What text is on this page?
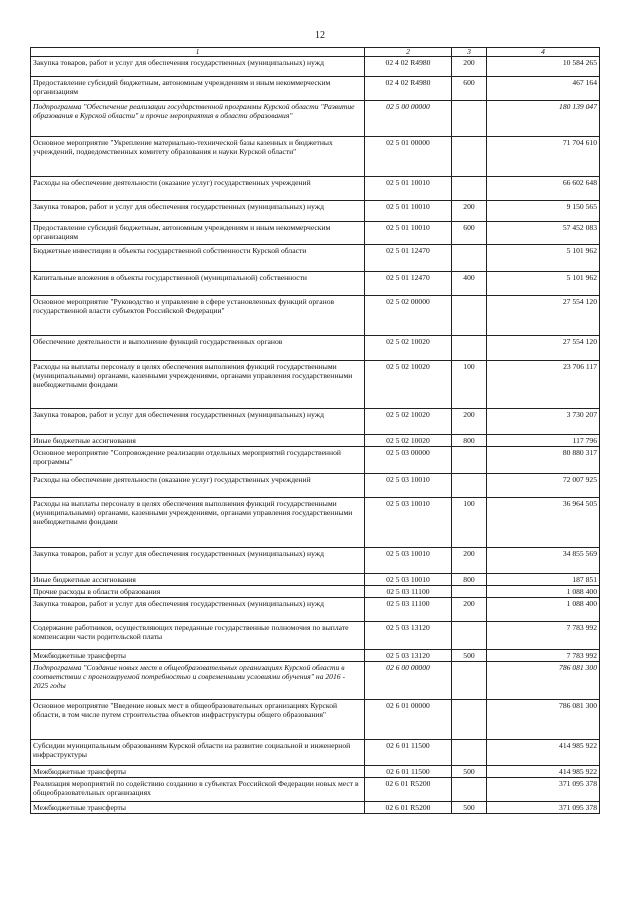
12
1	2	3	4
Закупка товаров, работ и услуг для обеспечения государственных (муниципальных) нужд	02 4 02 R4980	200	10 584 265
Предоставление субсидий бюджетным, автономным учреждениям и иным некоммерческим организациям	02 4 02 R4980	600	467 164
Подпрограмма "Обеспечение реализации государственной программы Курской области "Развитие образования в Курской области" и прочие мероприятия в области образования"	02 5 00 00000		180 139 047
Основное мероприятие "Укрепление материально-технической базы казенных и бюджетных учреждений, подведомственных комитету образования и науки Курской области"	02 5 01 00000		71 704 610
Расходы на обеспечение деятельности (оказание услуг) государственных учреждений	02 5 01 10010		66 602 648
Закупка товаров, работ и услуг для обеспечения государственных (муниципальных) нужд	02 5 01 10010	200	9 150 565
Предоставление субсидий бюджетным, автономным учреждениям и иным некоммерческим организациям	02 5 01 10010	600	57 452 083
Бюджетные инвестиции в объекты государственной собственности Курской области	02 5 01 12470		5 101 962
Капитальные вложения в объекты государственной (муниципальной) собственности	02 5 01 12470	400	5 101 962
Основное мероприятие "Руководство и управление в сфере установленных функций органов государственной власти субъектов Российской Федерации"	02 5 02 00000		27 554 120
Обеспечение деятельности и выполнение функций государственных органов	02 5 02 10020		27 554 120
Расходы на выплаты персоналу в целях обеспечения выполнения функций государственными (муниципальными) органами, казенными учреждениями, органами управления государственными внебюджетными фондами	02 5 02 10020	100	23 706 117
Закупка товаров, работ и услуг для обеспечения государственных (муниципальных) нужд	02 5 02 10020	200	3 730 207
Иные бюджетные ассигнования	02 5 02 10020	800	117 796
Основное мероприятие "Сопровождение реализации отдельных мероприятий государственной программы"	02 5 03 00000		80 880 317
Расходы на обеспечение деятельности (оказание услуг) государственных учреждений	02 5 03 10010		72 007 925
Расходы на выплаты персоналу в целях обеспечения выполнения функций государственными (муниципальными) органами, казенными учреждениями, органами управления государственными внебюджетными фондами	02 5 03 10010	100	36 964 505
Закупка товаров, работ и услуг для обеспечения государственных (муниципальных) нужд	02 5 03 10010	200	34 855 569
Иные бюджетные ассигнования	02 5 03 10010	800	187 851
Прочие расходы в области образования	02 5 03 11100		1 088 400
Закупка товаров, работ и услуг для обеспечения государственных (муниципальных) нужд	02 5 03 11100	200	1 088 400
Содержание работников, осуществляющих переданные государственные полномочия по выплате компенсации части родительской платы	02 5 03 13120		7 783 992
Межбюджетные трансферты	02 5 03 13120	500	7 783 992
Подпрограмма "Создание новых мест в общеобразовательных организациях Курской области в соответствии с прогнозируемой потребностью и современными условиями обучения" на 2016 - 2025 годы	02 6 00 00000		786 081 300
Основное мероприятие "Введение новых мест в общеобразовательных организациях Курской области, в том числе путем строительства объектов инфраструктуры общего образования"	02 6 01 00000		786 081 300
Субсидии муниципальным образованиям Курской области на развитие социальной и инженерной инфраструктуры	02 6 01 11500		414 985 922
Межбюджетные трансферты	02 6 01 11500	500	414 985 922
Реализация мероприятий по содействию созданию в субъектах Российской Федерации новых мест в общеобразовательных организациях	02 6 01 R5200		371 095 378
Межбюджетные трансферты	02 6 01 R5200	500	371 095 378
